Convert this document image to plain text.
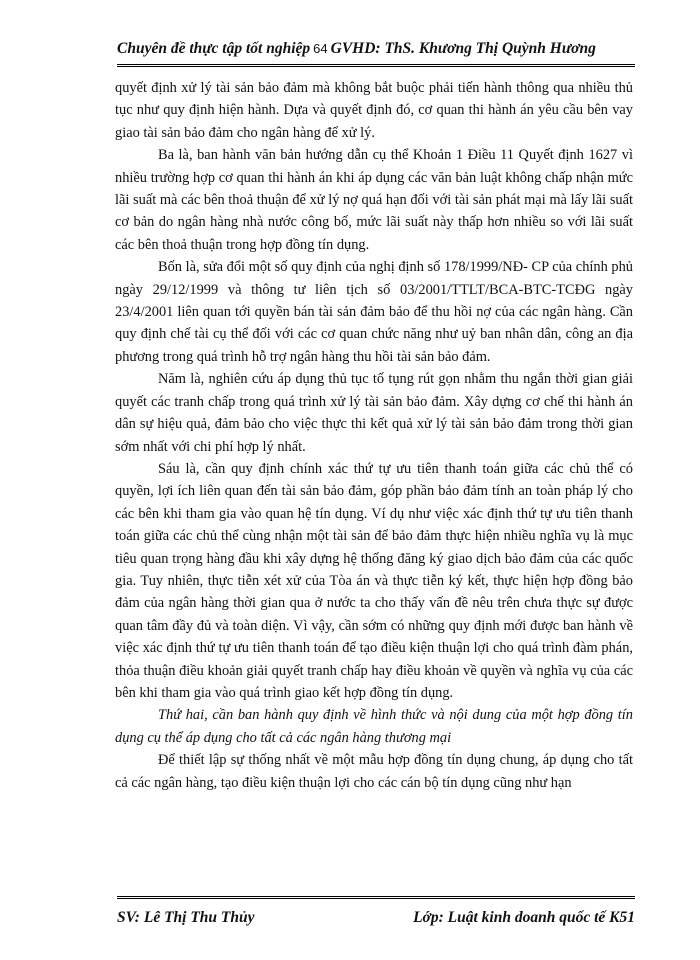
Chuyên đề thực tập tốt nghiệp 64 GVHD: ThS. Khương Thị Quỳnh Hương

quyết định xử lý tài sản bảo đảm mà không bắt buộc phải tiến hành thông qua nhiều thủ tục như quy định hiện hành. Dựa và quyết định đó, cơ quan thi hành án yêu cầu bên vay giao tài sản bảo đảm cho ngân hàng để xử lý.

Ba là, ban hành văn bản hướng dẫn cụ thể Khoản 1 Điều 11 Quyết định 1627 vì nhiều trường hợp cơ quan thi hành án khi áp dụng các văn bản luật không chấp nhận mức lãi suất mà các bên thoả thuận để xử lý nợ quá hạn đối với tài sản phát mại mà lấy lãi suất cơ bản do ngân hàng nhà nước công bố, mức lãi suất này thấp hơn nhiều so với lãi suất các bên thoả thuận trong hợp đồng tín dụng.

Bốn là, sửa đổi một số quy định của nghị định số 178/1999/NĐ- CP của chính phủ ngày 29/12/1999 và thông tư liên tịch số 03/2001/TTLT/BCA-BTC-TCĐG ngày 23/4/2001 liên quan tới quyền bán tài sản đảm bảo để thu hồi nợ của các ngân hàng. Cần quy định chế tài cụ thể đối với các cơ quan chức năng như uỷ ban nhân dân, công an địa phương trong quá trình hỗ trợ ngân hàng thu hồi tài sản bảo đảm.

Năm là, nghiên cứu áp dụng thủ tục tố tụng rút gọn nhằm thu ngắn thời gian giải quyết các tranh chấp trong quá trình xử lý tài sản bảo đảm. Xây dựng cơ chế thi hành án dân sự hiệu quả, đảm bảo cho việc thực thi kết quả xử lý tài sản bảo đảm trong thời gian sớm nhất với chi phí hợp lý nhất.

Sáu là, cần quy định chính xác thứ tự ưu tiên thanh toán giữa các chủ thể có quyền, lợi ích liên quan đến tài sản bảo đảm, góp phần bảo đảm tính an toàn pháp lý cho các bên khi tham gia vào quan hệ tín dụng. Ví dụ như việc xác định thứ tự ưu tiên thanh toán giữa các chủ thể cùng nhận một tài sản để bảo đảm thực hiện nhiều nghĩa vụ là mục tiêu quan trọng hàng đầu khi xây dựng hệ thống đăng ký giao dịch bảo đảm của các quốc gia. Tuy nhiên, thực tiễn xét xử của Tòa án và thực tiễn ký kết, thực hiện hợp đồng bảo đảm của ngân hàng thời gian qua ở nước ta cho thấy vấn đề nêu trên chưa thực sự được quan tâm đầy đủ và toàn diện. Vì vậy, cần sớm có những quy định mới được ban hành về việc xác định thứ tự ưu tiên thanh toán để tạo điều kiện thuận lợi cho quá trình đàm phán, thỏa thuận điều khoản giải quyết tranh chấp hay điều khoản về quyền và nghĩa vụ của các bên khi tham gia vào quá trình giao kết hợp đồng tín dụng.

Thứ hai, cần ban hành quy định về hình thức và nội dung của một hợp đồng tín dụng cụ thể áp dụng cho tất cả các ngân hàng thương mại

Để thiết lập sự thống nhất về một mẫu hợp đồng tín dụng chung, áp dụng cho tất cả các ngân hàng, tạo điều kiện thuận lợi cho các cán bộ tín dụng cũng như hạn

SV: Lê Thị Thu Thủy	Lớp: Luật kinh doanh quốc tế K51
